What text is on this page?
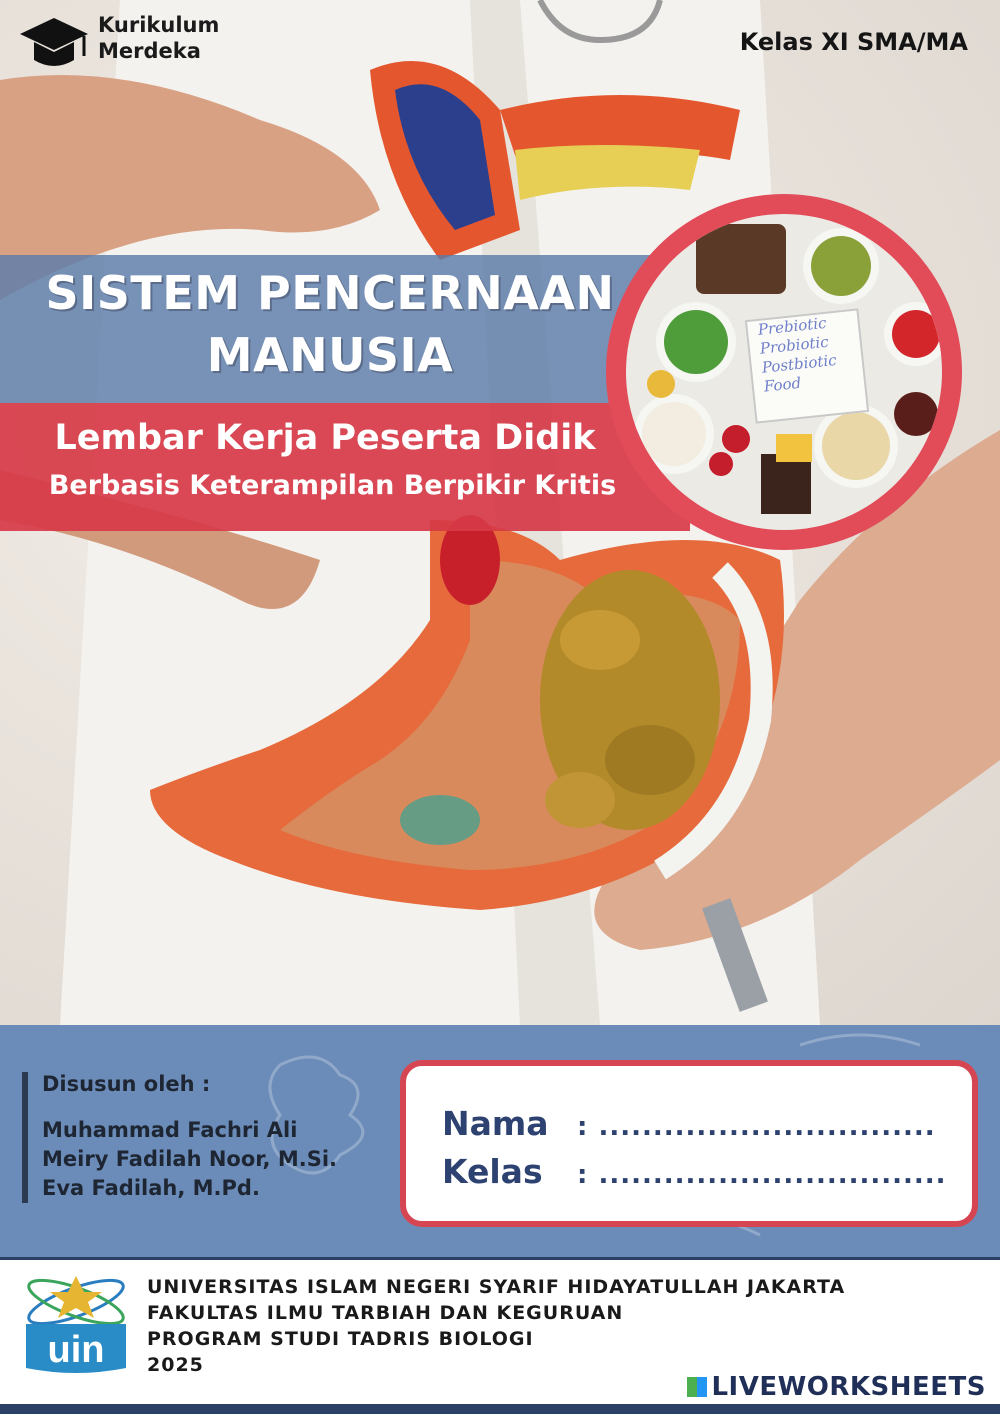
Kurikulum
Merdeka	Kelas XI SMA/MA
SISTEM PENCERNAAN
MANUSIA
Lembar Kerja Peserta Didik
Berbasis Keterampilan Berpikir Kritis
Prebiotic
Probiotic
Postbiotic
Food
Disusun oleh :
Muhammad Fachri Ali
Meiry Fadilah Noor, M.Si.
Eva Fadilah, M.Pd.
Nama : ...............................
Kelas : ................................
uin
UNIVERSITAS ISLAM NEGERI SYARIF HIDAYATULLAH JAKARTA
FAKULTAS ILMU TARBIAH DAN KEGURUAN
PROGRAM STUDI TADRIS BIOLOGI
2025
LIVEWORKSHEETS
